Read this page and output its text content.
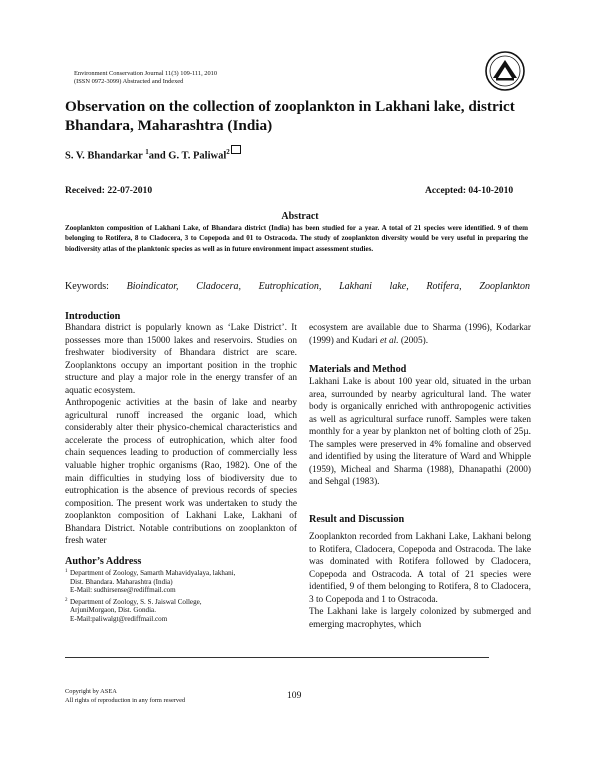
Environment Conservation Journal 11(3) 109-111, 2010
(ISSN 0972-3099) Abstracted and Indexed
Observation on the collection of zooplankton in Lakhani lake, district Bhandara, Maharashtra (India)
S. V. Bhandarkar $^1$and G. T. Paliwal$^2$
Received: 22-07-2010	Accepted: 04-10-2010
Abstract
Zooplankton composition of Lakhani Lake, of Bhandara district (India) has been studied for a year. A total of 21 species were identified. 9 of them belonging to Rotifera, 8 to Cladocera, 3 to Copepoda and 01 to Ostracoda. The study of zooplankton diversity would be very useful in preparing the biodiversity atlas of the planktonic species as well as in future environment impact assessment studies.
Keywords: Bioindicator, Cladocera, Eutrophication, Lakhani lake, Rotifera, Zooplankton
Introduction

Bhandara district is popularly known as ‘Lake District’. It possesses more than 15000 lakes and reservoirs. Studies on freshwater biodiversity of Bhandara district are scare. Zooplanktons occupy an important position in the trophic structure and play a major role in the energy transfer of an aquatic ecosystem.

Anthropogenic activities at the basin of lake and nearby agricultural runoff increased the organic load, which considerably alter their physico-chemical characteristics and accelerate the process of eutrophication, which alter food chain sequences leading to production of commercially less valuable higher trophic organisms (Rao, 1982). One of the main difficulties in studying loss of biodiversity due to eutrophication is the absence of previous records of species composition. The present work was undertaken to study the zooplankton composition of Lakhani Lake, Lakhani of Bhandara District. Notable contributions on zooplankton of fresh water

Author’s Address
1 Department of Zoology, Samarth Mahavidyalaya, lakhani,
Dist. Bhandara. Maharashtra (India)
E-Mail: sudhirsense@rediffmail.com
2 Department of Zoology, S. S. Jaiswal College,
ArjuniMorgaon, Dist. Gondia.
E-Mail:paliwalgt@rediffmail.com
ecosystem are available due to Sharma (1996), Kodarkar (1999) and Kudari et al. (2005).
Materials and Method
Lakhani Lake is about 100 year old, situated in the urban area, surrounded by nearby agricultural land. The water body is organically enriched with anthropogenic activities as well as agricultural surface runoff. Samples were taken monthly for a year by plankton net of bolting cloth of 25µ. The samples were preserved in 4% fomaline and observed and identified by using the literature of Ward and Whipple (1959), Micheal and Sharma (1988), Dhanapathi (2000) and Sehgal (1983).
Result and Discussion

Zooplankton recorded from Lakhani Lake, Lakhani belong to Rotifera, Cladocera, Copepoda and Ostracoda. The lake was dominated with Rotifera followed by Cladocera, Copepoda and Ostracoda. A total of 21 species were identified, 9 of them belonging to Rotifera, 8 to Cladocera, 3 to Copepoda and 1 to Ostracoda.

The Lakhani lake is largely colonized by submerged and emerging macrophytes, which

Copyright by ASEA
All rights of reproduction in any form reserved	109
